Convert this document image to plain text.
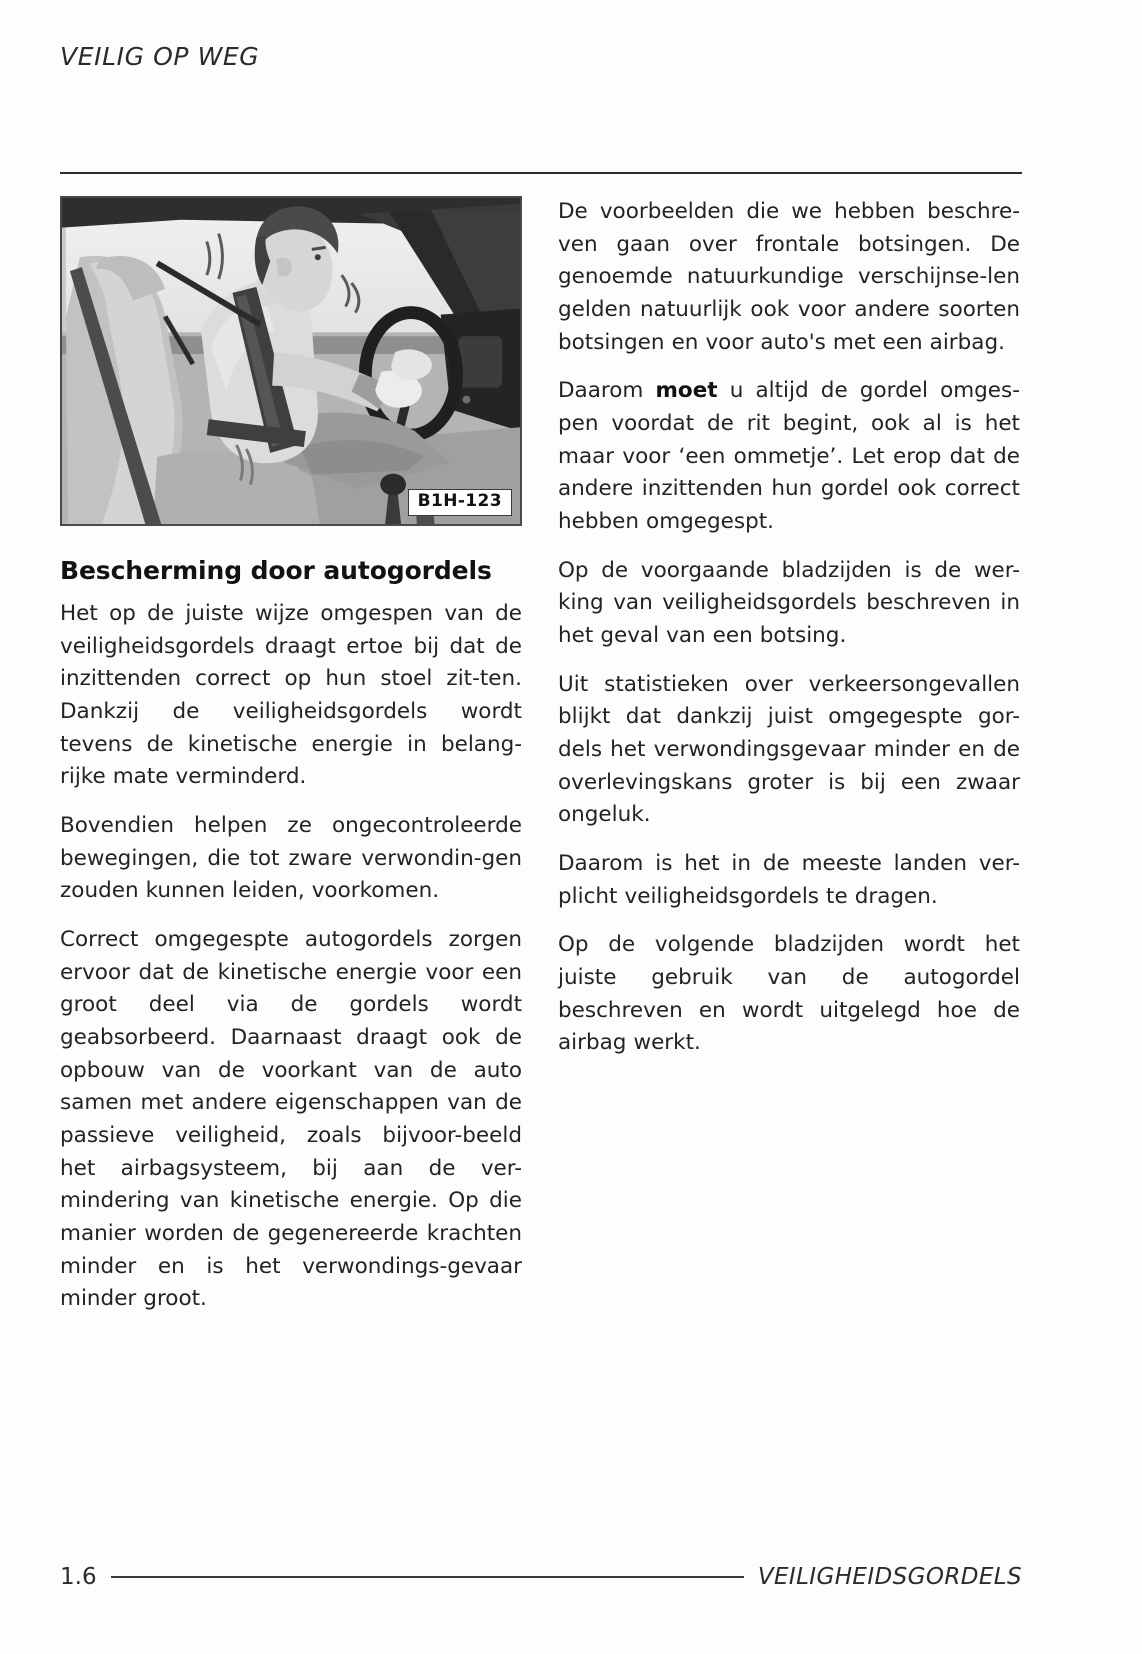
VEILIG OP WEG
B1H-123
Bescherming door autogordels

Het op de juiste wijze omgespen van de veiligheidsgordels draagt ertoe bij dat de inzittenden correct op hun stoel zit-ten. Dankzij de veiligheidsgordels wordt tevens de kinetische energie in belang-rijke mate verminderd.

Bovendien helpen ze ongecontroleerde bewegingen, die tot zware verwondin-gen zouden kunnen leiden, voorkomen.

Correct omgegespte autogordels zorgen ervoor dat de kinetische energie voor een groot deel via de gordels wordt geabsorbeerd. Daarnaast draagt ook de opbouw van de voorkant van de auto samen met andere eigenschappen van de passieve veiligheid, zoals bijvoor-beeld het airbagsysteem, bij aan de ver-mindering van kinetische energie. Op die manier worden de gegenereerde krachten minder en is het verwondings-gevaar minder groot.

De voorbeelden die we hebben beschre-ven gaan over frontale botsingen. De genoemde natuurkundige verschijnse-len gelden natuurlijk ook voor andere soorten botsingen en voor auto's met een airbag.

Daarom moet u altijd de gordel omges-pen voordat de rit begint, ook al is het maar voor ‘een ommetje’. Let erop dat de andere inzittenden hun gordel ook correct hebben omgegespt.

Op de voorgaande bladzijden is de wer-king van veiligheidsgordels beschreven in het geval van een botsing.

Uit statistieken over verkeersongevallen blijkt dat dankzij juist omgegespte gor-dels het verwondingsgevaar minder en de overlevingskans groter is bij een zwaar ongeluk.

Daarom is het in de meeste landen ver-plicht veiligheidsgordels te dragen.

Op de volgende bladzijden wordt het juiste gebruik van de autogordel beschreven en wordt uitgelegd hoe de airbag werkt.

1.6	VEILIGHEIDSGORDELS
